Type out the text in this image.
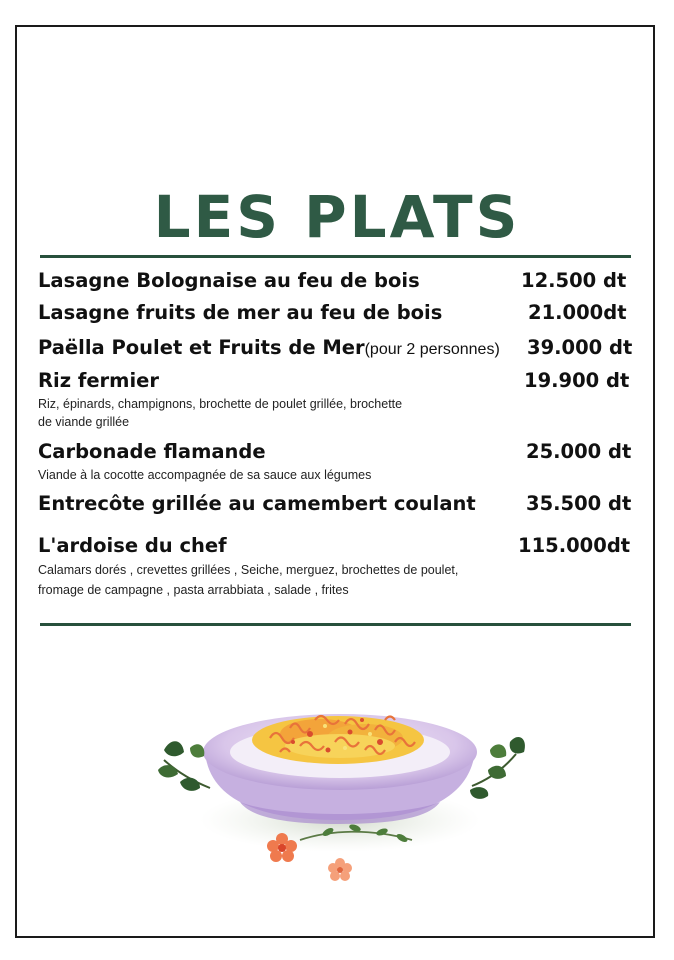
LES PLATS
Lasagne Bolognaise au feu de bois	12.500 dt
Lasagne fruits de mer au feu de bois	21.000dt
Paëlla Poulet et Fruits de Mer(pour 2 personnes)	39.000 dt
Riz fermier	19.900 dt
Riz, épinards, champignons, brochette de poulet grillée, brochette
de viande grillée
Carbonade flamande	25.000 dt
Viande à la cocotte accompagnée de sa sauce aux légumes
Entrecôte grillée au camembert coulant	35.500 dt
L'ardoise du chef	115.000dt
Calamars dorés , crevettes grillées , Seiche, merguez, brochettes de poulet,
fromage de campagne , pasta arrabbiata , salade , frites
